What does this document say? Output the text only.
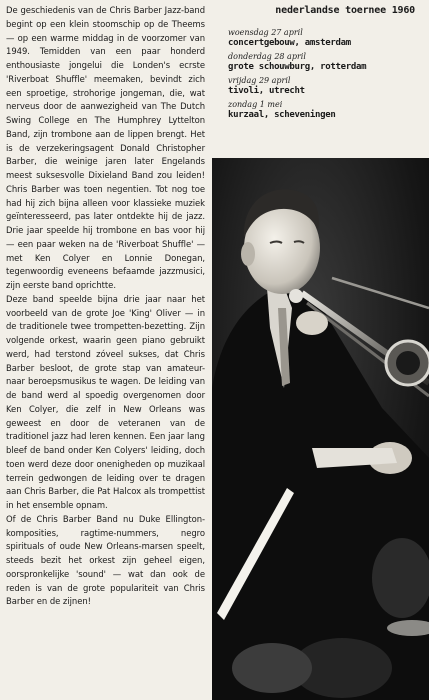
De geschiedenis van de Chris Barber Jazz-band begint op een klein stoomschip op de Theems — op een warme middag in de voorzomer van 1949. Temidden van een paar honderd enthousiaste jongelui die Londen's ecrste 'Riverboat Shuffle' meemaken, bevindt zich een sproetige, strohorige jongeman, die, wat nerveus door de aanwezigheid van The Dutch Swing College en The Humphrey Lyttelton Band, zijn trombone aan de lippen brengt. Het is de verzekeringsagent Donald Christopher Barber, die weinige jaren later Engelands meest suksesvolle Dixieland Band zou leiden! Chris Barber was toen negentien. Tot nog toe had hij zich bijna alleen voor klassieke muziek geïnteresseerd, pas later ontdekte hij de jazz. Drie jaar speelde hij trombone en bas voor hij — een paar weken na de 'Riverboat Shuffle' — met Ken Colyer en Lonnie Donegan, tegenwoordig eveneens befaamde jazzmusici, zijn eerste band oprichtte.

Deze band speelde bijna drie jaar naar het voorbeeld van de grote Joe 'King' Oliver — in de traditionele twee trompetten-bezetting. Zijn volgende orkest, waarin geen piano gebruikt werd, had terstond zóveel sukses, dat Chris Barber besloot, de grote stap van amateur- naar beroepsmusikus te wagen. De leiding van de band werd al spoedig overgenomen door Ken Colyer, die zelf in New Orleans was geweest en door de veteranen van de traditionel jazz had leren kennen. Een jaar lang bleef de band onder Ken Colyers' leiding, doch toen werd deze door onenigheden op muzikaal terrein gedwongen de leiding over te dragen aan Chris Barber, die Pat Halcox als trompettist in het ensemble opnam.

Of de Chris Barber Band nu Duke Ellington-komposities, ragtime-nummers, negro spirituals of oude New Orleans-marsen speelt, steeds bezit het orkest zijn geheel eigen, oorspronkelijke 'sound' — wat dan ook de reden is van de grote populariteit van Chris Barber en de zijnen!

nederlandse toernee 1960
woensdag 27 april
concertgebouw, amsterdam
donderdag 28 april
grote schouwburg, rotterdam
vrijdag 29 april
tivoli, utrecht
zondag 1 mei
kurzaal, scheveningen
